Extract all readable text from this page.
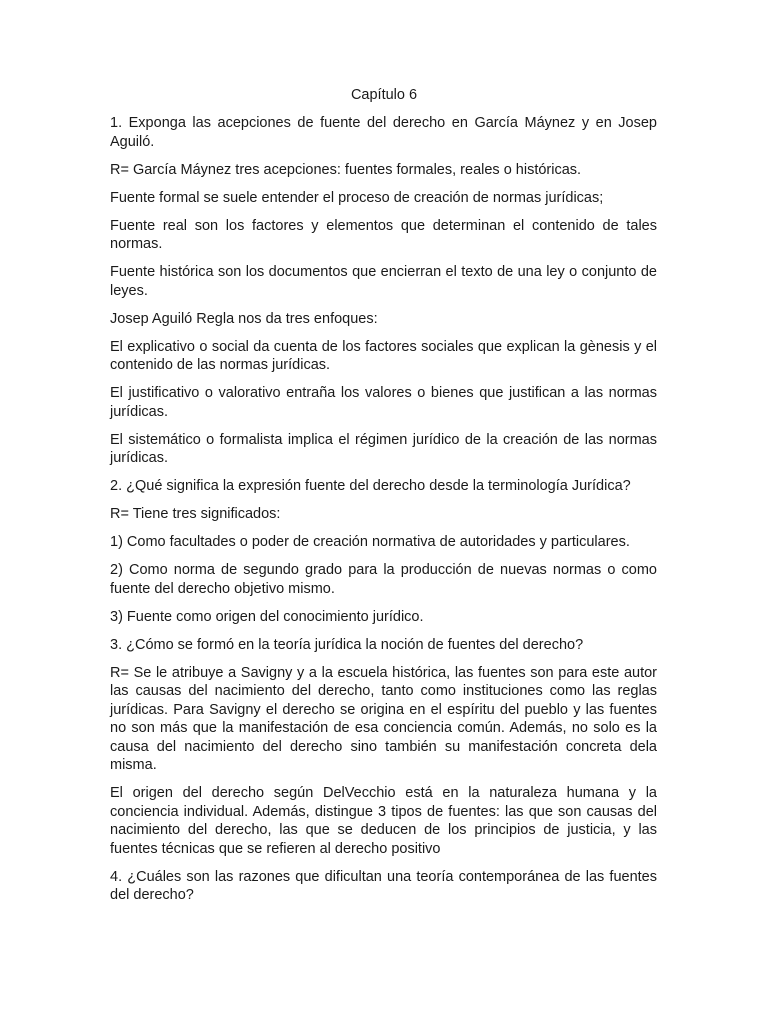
Capítulo 6

1. Exponga las acepciones de fuente del derecho en García Máynez y en Josep Aguiló.

R= García Máynez tres acepciones: fuentes formales, reales o históricas.

Fuente formal se suele entender el proceso de creación de normas jurídicas;

Fuente real son los factores y elementos que determinan el contenido de tales normas.

Fuente histórica son los documentos que encierran el texto de una ley o conjunto de leyes.

Josep Aguiló Regla nos da tres enfoques:

El explicativo o social da cuenta de los factores sociales que explican la gènesis y el contenido de las normas jurídicas.

El justificativo o valorativo entraña los valores o bienes que justifican a las normas jurídicas.

El sistemático o formalista implica el régimen jurídico de la creación de las normas jurídicas.

2. ¿Qué significa la expresión fuente del derecho desde la terminología Jurídica?

R= Tiene tres significados:

1) Como facultades o poder de creación normativa de autoridades y particulares.

2) Como norma de segundo grado para la producción de nuevas normas o como fuente del derecho objetivo mismo.

3) Fuente como origen del conocimiento jurídico.

3. ¿Cómo se formó en la teoría jurídica la noción de fuentes del derecho?

R= Se le atribuye a Savigny y a la escuela histórica, las fuentes son para este autor las causas del nacimiento del derecho, tanto como instituciones como las reglas jurídicas. Para Savigny el derecho se origina en el espíritu del pueblo y las fuentes no son más que la manifestación de esa conciencia común. Además, no solo es la causa del nacimiento del derecho sino también su manifestación concreta dela misma.

El origen del derecho según DelVecchio está en la naturaleza humana y la conciencia individual. Además, distingue 3 tipos de fuentes: las que son causas del nacimiento del derecho, las que se deducen de los principios de justicia, y las fuentes técnicas que se refieren al derecho positivo

4. ¿Cuáles son las razones que dificultan una teoría contemporánea de las fuentes del derecho?
